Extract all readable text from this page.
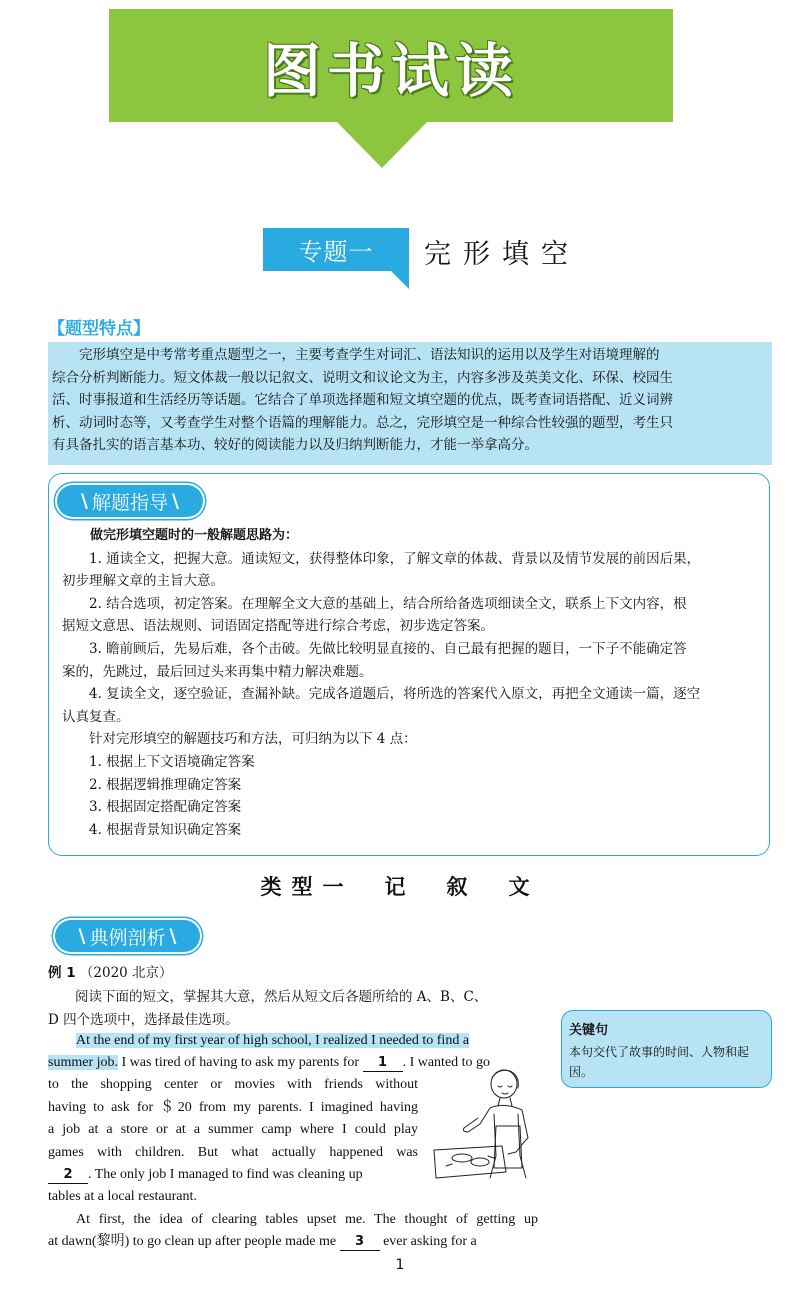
图书试读
专题一	完形填空
【题型特点】
　　完形填空是中考常考重点题型之一，主要考查学生对词汇、语法知识的运用以及学生对语境理解的
综合分析判断能力。短文体裁一般以记叙文、说明文和议论文为主，内容多涉及英美文化、环保、校园生
活、时事报道和生活经历等话题。它结合了单项选择题和短文填空题的优点，既考查词语搭配、近义词辨
析、动词时态等，又考查学生对整个语篇的理解能力。总之，完形填空是一种综合性较强的题型，考生只
有具备扎实的语言基本功、较好的阅读能力以及归纳判断能力，才能一举拿高分。
\ 解题指导 \
做完形填空题时的一般解题思路为：
　　1. 通读全文，把握大意。通读短文，获得整体印象，了解文章的体裁、背景以及情节发展的前因后果，
初步理解文章的主旨大意。
　　2. 结合选项，初定答案。在理解全文大意的基础上，结合所给备选项细读全文，联系上下文内容，根
据短文意思、语法规则、词语固定搭配等进行综合考虑，初步选定答案。
　　3. 瞻前顾后，先易后难，各个击破。先做比较明显直接的、自己最有把握的题目，一下子不能确定答
案的，先跳过，最后回过头来再集中精力解决难题。
　　4. 复读全文，逐空验证，查漏补缺。完成各道题后，将所选的答案代入原文，再把全文通读一篇，逐空
认真复查。
　　针对完形填空的解题技巧和方法，可归纳为以下 4 点：
　　1. 根据上下文语境确定答案
　　2. 根据逻辑推理确定答案
　　3. 根据固定搭配确定答案
　　4. 根据背景知识确定答案
类型一　记　叙　文
\ 典例剖析 \
例 1 （2020 北京）
　　阅读下面的短文，掌握其大意，然后从短文后各题所给的 A、B、C、
D 四个选项中，选择最佳选项。
At the end of my first year of high school, I realized I needed to find a
summer job. I was tired of having to ask my parents for 1 . I wanted to go
to the shopping center or movies with friends without
having to ask for ＄20 from my parents. I imagined having
a job at a store or at a summer camp where I could play
games with children. But what actually happened was
2 . The only job I managed to find was cleaning up
tables at a local restaurant.
At first, the idea of clearing tables upset me. The thought of getting up
at dawn(黎明) to go clean up after people made me 3 ever asking for a
关键句
本句交代了故事的时间、人物和起因。
1
